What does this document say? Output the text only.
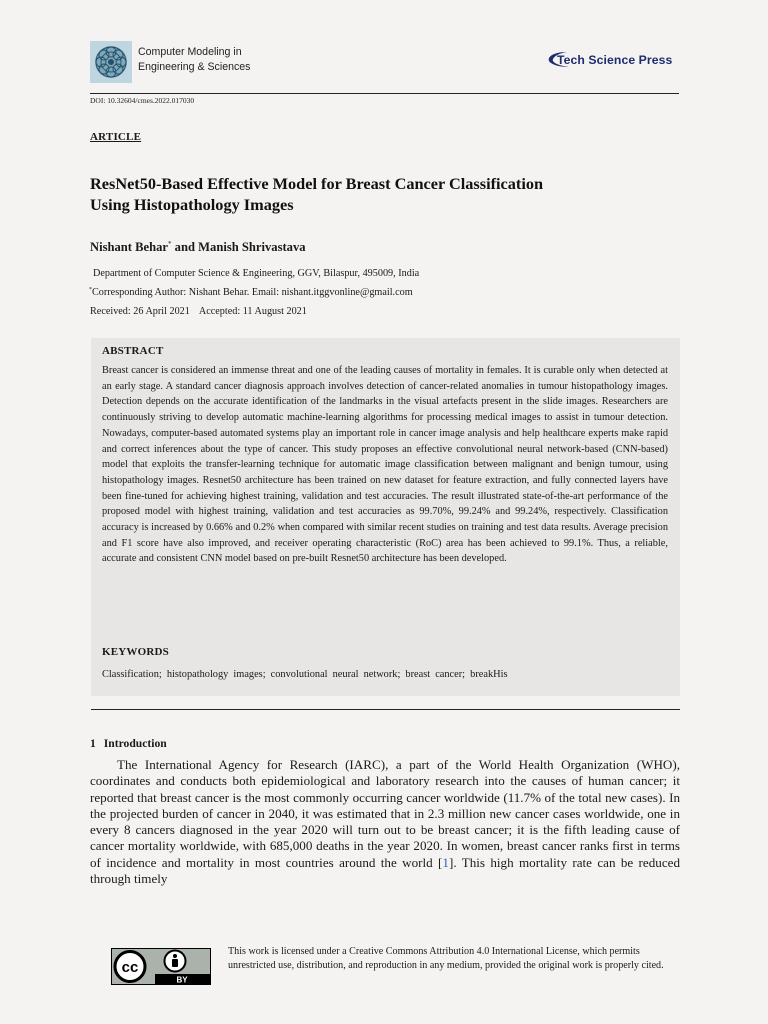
Computer Modeling in
Engineering & Sciences	Tech Science Press
DOI: 10.32604/cmes.2022.017030
ARTICLE
ResNet50-Based Effective Model for Breast Cancer Classification
Using Histopathology Images
Nishant Behar* and Manish Shrivastava
Department of Computer Science & Engineering, GGV, Bilaspur, 495009, India
*Corresponding Author: Nishant Behar. Email: nishant.itggvonline@gmail.com
Received: 26 April 2021 Accepted: 11 August 2021
ABSTRACT
Breast cancer is considered an immense threat and one of the leading causes of mortality in females. It is curable only when detected at an early stage. A standard cancer diagnosis approach involves detection of cancer-related anomalies in tumour histopathology images. Detection depends on the accurate identification of the landmarks in the visual artefacts present in the slide images. Researchers are continuously striving to develop automatic machine-learning algorithms for processing medical images to assist in tumour detection. Nowadays, computer-based automated systems play an important role in cancer image analysis and help healthcare experts make rapid and correct inferences about the type of cancer. This study proposes an effective convolutional neural network-based (CNN-based) model that exploits the transfer-learning technique for automatic image classification between malignant and benign tumour, using histopathology images. Resnet50 architecture has been trained on new dataset for feature extraction, and fully connected layers have been fine-tuned for achieving highest training, validation and test accuracies. The result illustrated state-of-the-art performance of the proposed model with highest training, validation and test accuracies as 99.70%, 99.24% and 99.24%, respectively. Classification accuracy is increased by 0.66% and 0.2% when compared with similar recent studies on training and test data results. Average precision and F1 score have also improved, and receiver operating characteristic (RoC) area has been achieved to 99.1%. Thus, a reliable, accurate and consistent CNN model based on pre-built Resnet50 architecture has been developed.
KEYWORDS
Classification; histopathology images; convolutional neural network; breast cancer; breakHis
1 Introduction
The International Agency for Research (IARC), a part of the World Health Organization (WHO), coordinates and conducts both epidemiological and laboratory research into the causes of human cancer; it reported that breast cancer is the most commonly occurring cancer worldwide (11.7% of the total new cases). In the projected burden of cancer in 2040, it was estimated that in 2.3 million new cancer cases worldwide, one in every 8 cancers diagnosed in the year 2020 will turn out to be breast cancer; it is the fifth leading cause of cancer mortality worldwide, with 685,000 deaths in the year 2020. In women, breast cancer ranks first in terms of incidence and mortality in most countries around the world [1]. This high mortality rate can be reduced through timely
cc
BY
This work is licensed under a Creative Commons Attribution 4.0 International License, which permits unrestricted use, distribution, and reproduction in any medium, provided the original work is properly cited.
